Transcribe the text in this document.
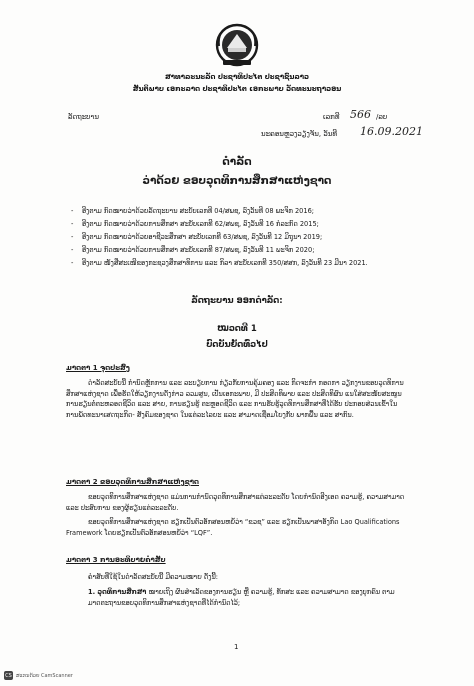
ສາທາລະນະລັດ ປະຊາທິປະໄຕ ປະຊາຊົນລາວ
ສັນຕິພາບ ເອກະລາດ ປະຊາທິປະໄຕ ເອກະພາບ ວັດທະນະຖາວອນ
ລັດຖະບານ	ເລກທີ 566 /ລບ
ນະຄອນຫຼວງວຽງຈັນ, ວັນທີ 16.09.2021
ດຳລັດ
ວ່າດ້ວຍ ຂອບວຸດທິການສຶກສາແຫ່ງຊາດ
- ອີງຕາມ ກົດໝາຍວ່າດ້ວຍລັດຖະບານ ສະບັບເລກທີ 04/ສພຊ, ລົງວັນທີ 08 ພະຈິກ 2016;
- ອີງຕາມ ກົດໝາຍວ່າດ້ວຍການສຶກສາ ສະບັບເລກທີ 62/ສພຊ, ລົງວັນທີ 16 ກໍລະກົດ 2015;
- ອີງຕາມ ກົດໝາຍວ່າດ້ວຍອາຊີວະສຶກສາ ສະບັບເລກທີ 63/ສພຊ, ລົງວັນທີ 12 ມິຖຸນາ 2019;
- ອີງຕາມ ກົດໝາຍວ່າດ້ວຍການສຶກສາ ສະບັບເລກທີ 87/ສພຊ, ລົງວັນທີ 11 ພະຈິກ 2020;
- ອີງຕາມ ໜັງສືສະເໜີຂອງກະຊວງສຶກສາທິການ ແລະ ກິລາ ສະບັບເລກທີ 350/ສສກ, ລົງວັນທີ 23 ມີນາ 2021.
ລັດຖະບານ ອອກດຳລັດ:
ໝວດທີ 1
ບົດບັນຍັດທົ່ວໄປ
ມາດຕາ 1 ຈຸດປະສົງ
ດຳລັດສະບັບນີ້ ກຳນົດຫຼັກການ ແລະ ລະບຽບການ ກ່ຽວກັບການຄຸ້ມຄອງ ແລະ ກິດຈະກຳ ກອດກາ ວຽກງານຂອບວຸດທິການສຶກສາແຫ່ງຊາດ ເພື່ອຮັດໃຫ້ວຽກງານດັ່ງກ່າວ ລວມສູນ, ເປັນເອກະພາບ, ມີ ປະສິດທິພາບ ແລະ ປະສິດທິຜົນ ແນໃສ່ສະໜັບສະໜູນການຮຽນຕໍ່ຕະຫລອດຊີວິດ ແລະ ສາຍ, ການຮຽນຮູ້ ຕະຫຼອດຊີວິດ ແລະ ການຮັບຮູ້ວຸດທິການສຶກສາທີ່ໄດ້ຮັບ ປະກອບສ່ວນເຂົ້າໃນການພັດທະນາເສດຖະກິດ- ສັງຄົມຂອງຊາດ ໃນແຕ່ລະໄລຍະ ແລະ ສາມາດເຊື່ອມໂຍງກັບ ພາກພື້ນ ແລະ ສາກົນ.
ມາດຕາ 2 ຂອບວຸດທິການສຶກສາແຫ່ງຊາດ
ຂອບວຸດທິການສຶກສາແຫ່ງຊາດ ແມ່ນການກຳນົດວຸດທິການສຶກສາແຕ່ລະລະດັບ ໂດຍກຳນົດອີງເອດ ຄວາມຮູ້, ຄວາມສາມາດ ແລະ ປະສົບການ ຂອງຜູ້ຮຽນແຕ່ລະລະດັບ.
ຂອບວຸດທິການສຶກສາແຫ່ງຊາດ ຮຽກເປັນຕົວອັກສອນຫຍໍ້ວ່າ “ຂວຊ” ແລະ ຮຽກເປັນພາສາອັງກິດ Lao Qualifications Framework ໂດຍຮຽກເປັນຕົວອັກສອນຫຍໍ້ວ່າ “LQF”.
ມາດຕາ 3 ການອະທິບາຍຄຳສັບ
ຄຳສັບທີ່ໃຊ້ໃນດຳລັດສະບັບນີ້ ມີຄວາມໝາຍ ດັ່ງນີ້:
1. ວຸດທິການສຶກສາ ໝາຍເຖິງ ຜົນສຳເລັດຂອງການຮຽນ ຫຼື ຄວາມຮູ້, ທັກສະ ແລະ ຄວາມສາມາດ ຂອງບຸກຄົນ ຕາມມາດຕະຖານຂອບວຸດທິການສຶກສາແຫ່ງຊາດທີ່ໄດ້ກຳນົດໄວ້;
1
CS ສແກນດ້ວຍ CamScanner
